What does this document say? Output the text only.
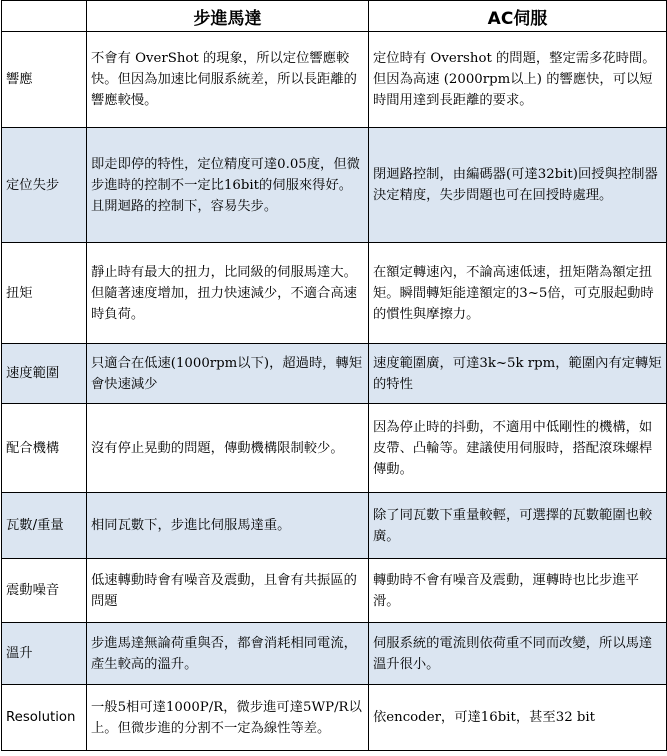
	步進馬達	AC伺服
響應	不會有 OverShot 的現象，所以定位響應較快。但因為加速比伺服系統差，所以長距離的響應較慢。	定位時有 Overshot 的問題，整定需多花時間。但因為高速 (2000rpm以上) 的響應快，可以短時間用達到長距離的要求。
定位失步	即走即停的特性，定位精度可達0.05度，但微步進時的控制不一定比16bit的伺服來得好。且開迴路的控制下，容易失步。	閉迴路控制，由編碼器(可達32bit)回授與控制器決定精度，失步問題也可在回授時處理。
扭矩	靜止時有最大的扭力，比同級的伺服馬達大。但隨著速度增加，扭力快速減少，不適合高速時負荷。	在額定轉速內，不論高速低速，扭矩階為額定扭矩。瞬間轉矩能達額定的3~5倍，可克服起動時的慣性與摩擦力。
速度範圍	只適合在低速(1000rpm以下)，超過時，轉矩會快速減少	速度範圍廣，可達3k~5k rpm，範圍內有定轉矩的特性
配合機構	沒有停止晃動的問題，傳動機構限制較少。	因為停止時的抖動，不適用中低剛性的機構，如皮帶、凸輪等。建議使用伺服時，搭配滾珠螺桿傳動。
瓦數/重量	相同瓦數下，步進比伺服馬達重。	除了同瓦數下重量較輕，可選擇的瓦數範圍也較廣。
震動噪音	低速轉動時會有噪音及震動，且會有共振區的問題	轉動時不會有噪音及震動，運轉時也比步進平滑。
溫升	步進馬達無論荷重與否，都會消耗相同電流，產生較高的溫升。	伺服系統的電流則依荷重不同而改變，所以馬達溫升很小。
Resolution	一般5相可達1000P/R，微步進可達5WP/R以上。但微步進的分割不一定為線性等差。	依encoder，可達16bit，甚至32 bit
